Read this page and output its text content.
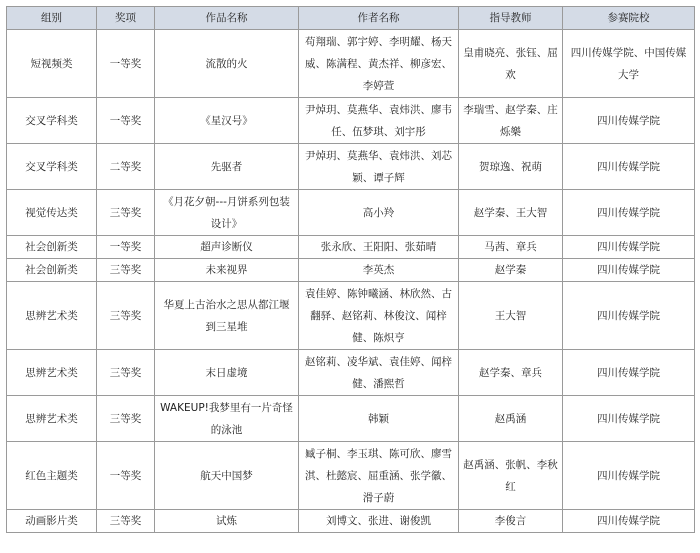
组别	奖项	作品名称	作者名称	指导教师	参赛院校
短视频类	一等奖	流散的火	苟翔瑞、郭宇婷、李明耀、杨天威、陈满程、黄杰祥、柳彦宏、李婷萱	皇甫晓亮、张钰、屈欢	四川传媒学院、中国传媒大学
交叉学科类	一等奖	《星汉号》	尹焯玥、莫燕华、袁炜洪、廖韦任、伍梦琪、刘宇彤	李瑞雪、赵学秦、庄烁樂	四川传媒学院
交叉学科类	二等奖	先驱者	尹焯玥、莫燕华、袁炜洪、刘芯颖、谭子辉	贺琼逸、祝萌	四川传媒学院
视觉传达类	三等奖	《月花夕朝---月饼系列包装设计》	高小羚	赵学秦、王大智	四川传媒学院
社会创新类	一等奖	超声诊断仪	张永欣、王阳阳、张茹晴	马茜、章兵	四川传媒学院
社会创新类	三等奖	未来视界	李英杰	赵学秦	四川传媒学院
思辨艺术类	三等奖	华夏上古治水之思从都江堰到三星堆	袁佳婷、陈钟曦涵、林欣然、古翻驿、赵铭莉、林俊汶、闻梓健、陈炽亨	王大智	四川传媒学院
思辨艺术类	三等奖	末日虚境	赵铭莉、凌华斌、袁佳婷、闻梓健、潘熙哲	赵学秦、章兵	四川传媒学院
思辨艺术类	三等奖	WAKEUP!我梦里有一片奇怪的泳池	韩颖	赵禹涵	四川传媒学院
红色主题类	一等奖	航天中国梦	臧子桐、李玉琪、陈可欣、廖雪淇、杜懿宸、屈重涵、张学徽、滑子蔚	赵禹涵、张帆、李秋红	四川传媒学院
动画影片类	三等奖	试炼	刘博文、张进、谢俊凯	李俊言	四川传媒学院
